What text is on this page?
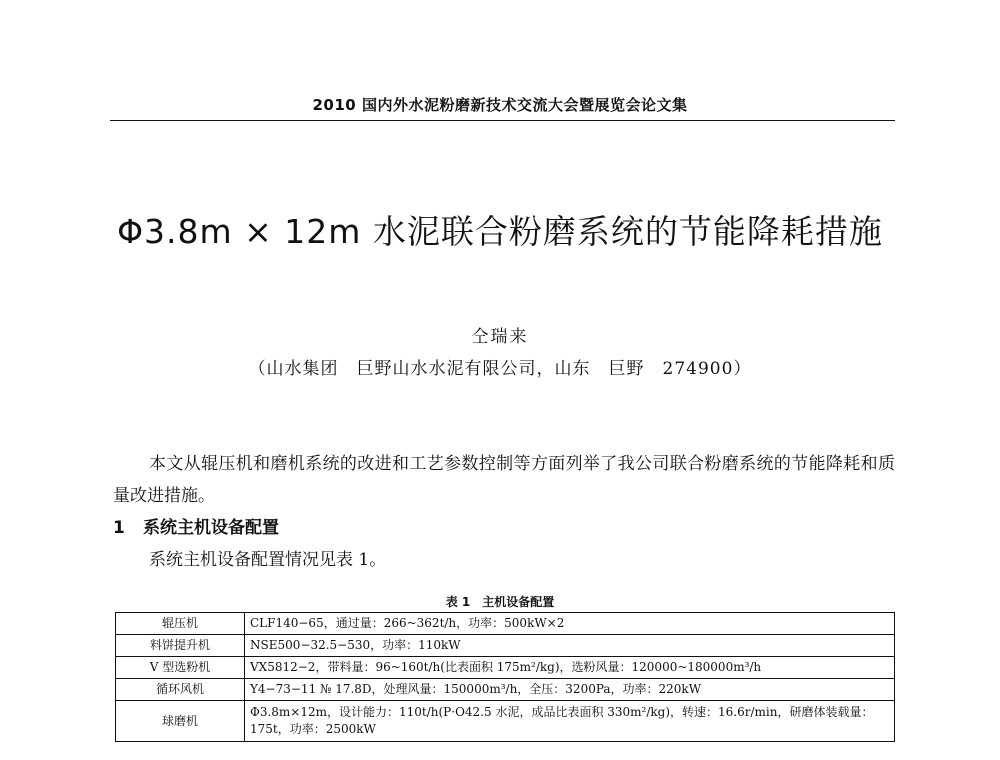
2010 国内外水泥粉磨新技术交流大会暨展览会论文集
Φ3.8m × 12m 水泥联合粉磨系统的节能降耗措施
仝瑞来
（山水集团　巨野山水水泥有限公司，山东　巨野　274900）
本文从辊压机和磨机系统的改进和工艺参数控制等方面列举了我公司联合粉磨系统的节能降耗和质量改进措施。
1 系统主机设备配置
系统主机设备配置情况见表 1。
表 1　主机设备配置
辊压机	CLF140−65，通过量：266~362t/h，功率：500kW×2
料饼提升机	NSE500−32.5−530，功率：110kW
V 型选粉机	VX5812−2，带料量：96~160t/h(比表面积 175m²/kg)，选粉风量：120000~180000m³/h
循环风机	Y4−73−11 № 17.8D，处理风量：150000m³/h，全压：3200Pa，功率：220kW
球磨机	Φ3.8m×12m，设计能力：110t/h(P·O42.5 水泥，成品比表面积 330m²/kg)，转速：16.6r/min，研磨体装载量：175t，功率：2500kW
